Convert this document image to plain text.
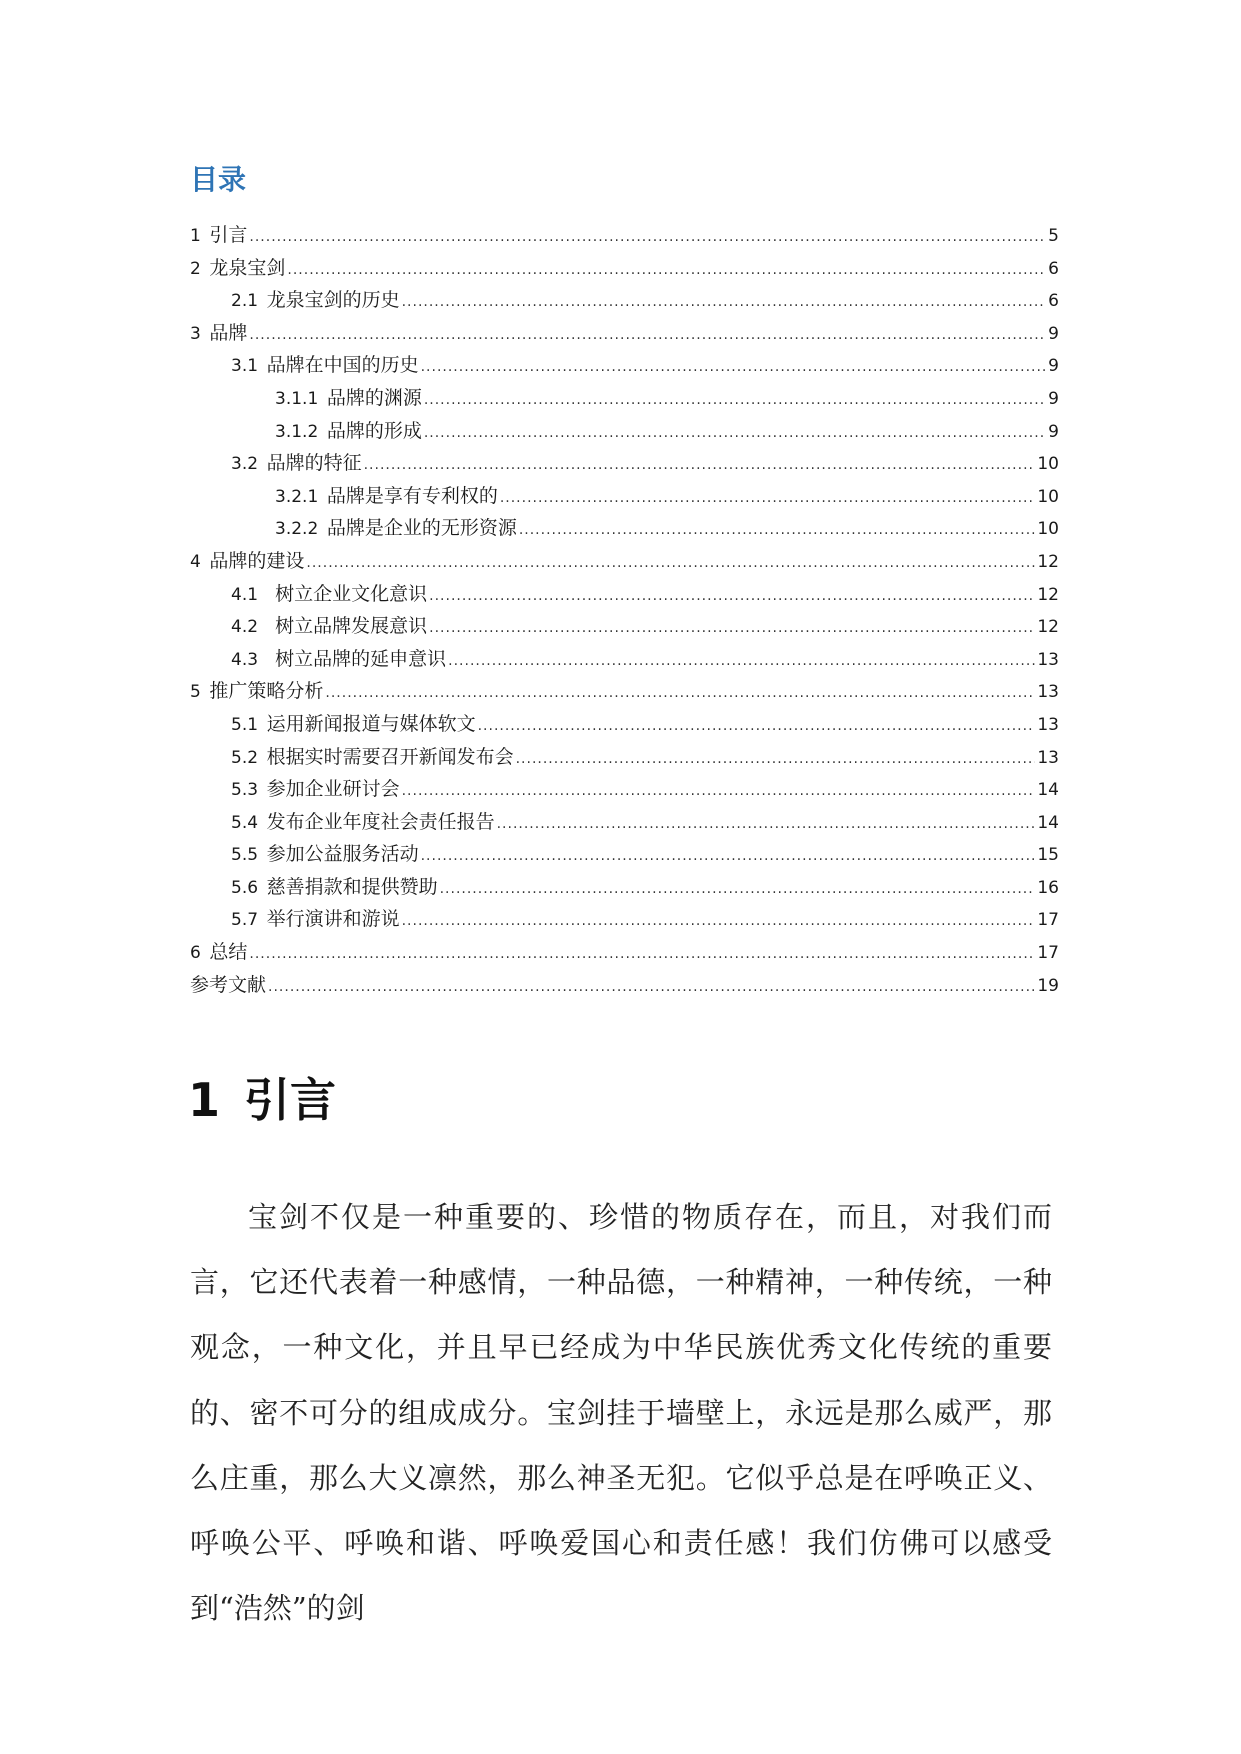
目录
1 引言 .....	5
2 龙泉宝剑 .....	6
2.1 龙泉宝剑的历史 .....	6
3 品牌 .....	9
3.1 品牌在中国的历史 .....	9
3.1.1 品牌的渊源 .....	9
3.1.2 品牌的形成 .....	9
3.2 品牌的特征 .....	10
3.2.1 品牌是享有专利权的 .....	10
3.2.2 品牌是企业的无形资源 .....	10
4 品牌的建设 .....	12
4.1 树立企业文化意识 .....	12
4.2 树立品牌发展意识 .....	12
4.3 树立品牌的延申意识 .....	13
5 推广策略分析 .....	13
5.1 运用新闻报道与媒体软文 .....	13
5.2 根据实时需要召开新闻发布会 .....	13
5.3 参加企业研讨会 .....	14
5.4 发布企业年度社会责任报告 .....	14
5.5 参加公益服务活动 .....	15
5.6 慈善捐款和提供赞助 .....	16
5.7 举行演讲和游说 .....	17
6 总结 .....	17
参考文献 .....	19
1 引言

宝剑不仅是一种重要的、珍惜的物质存在，而且，对我们而言，它还代表着一种感情，一种品德，一种精神，一种传统，一种观念，一种文化，并且早已经成为中华民族优秀文化传统的重要的、密不可分的组成成分。宝剑挂于墙壁上，永远是那么威严，那么庄重，那么大义凛然，那么神圣无犯。它似乎总是在呼唤正义、呼唤公平、呼唤和谐、呼唤爱国心和责任感！我们仿佛可以感受到“浩然”的剑
